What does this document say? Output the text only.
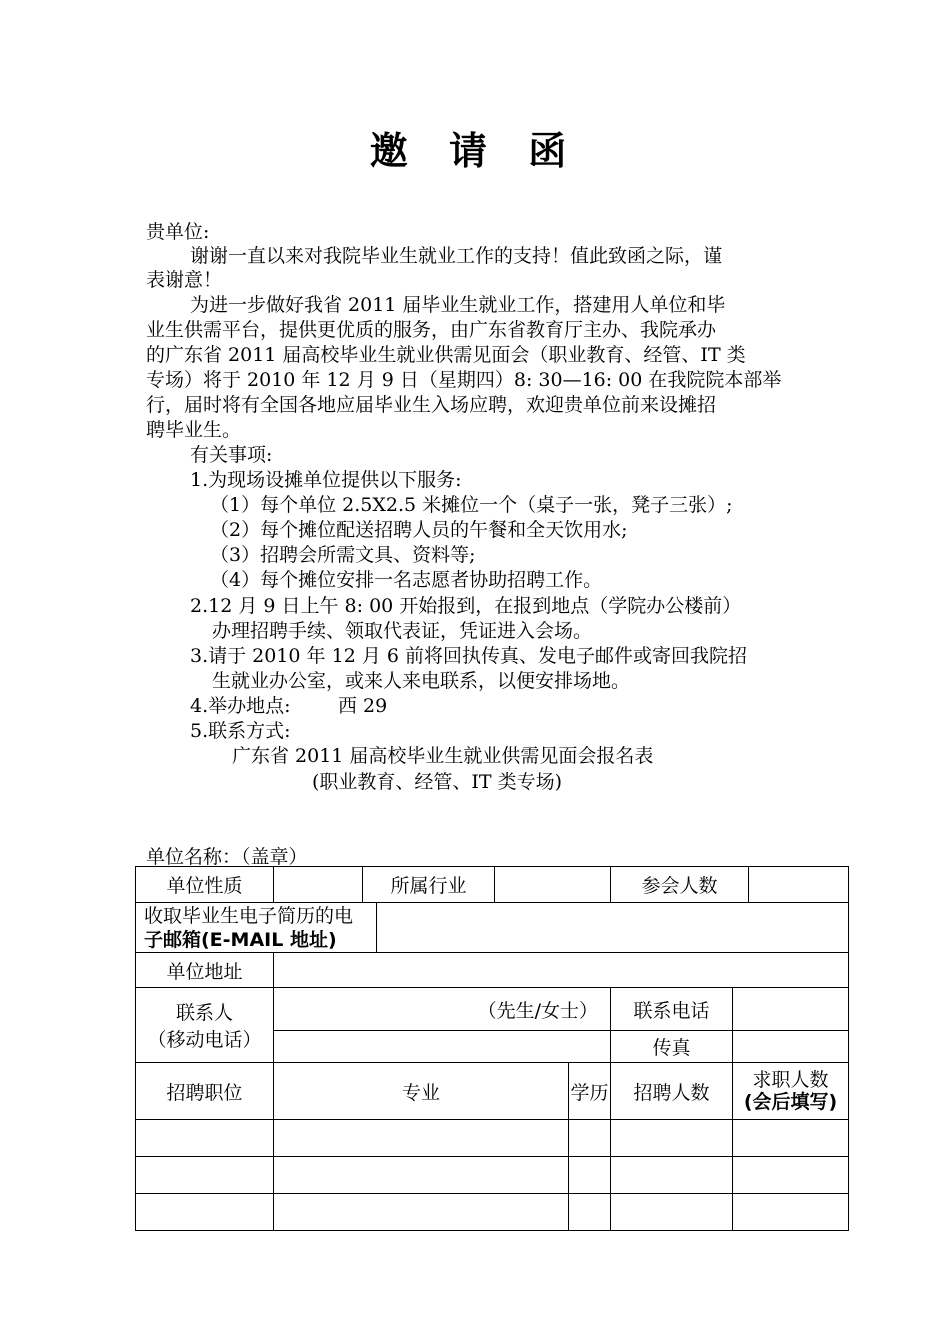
邀 请 函
贵单位:
谢谢一直以来对我院毕业生就业工作的支持！值此致函之际，谨
表谢意！
为进一步做好我省 2011 届毕业生就业工作，搭建用人单位和毕
业生供需平台，提供更优质的服务，由广东省教育厅主办、我院承办
的广东省 2011 届高校毕业生就业供需见面会（职业教育、经管、IT 类
专场）将于 2010 年 12 月 9 日（星期四）8: 30—16: 00 在我院院本部举
行，届时将有全国各地应届毕业生入场应聘，欢迎贵单位前来设摊招
聘毕业生。
有关事项:
1.为现场设摊单位提供以下服务:
（1）每个单位 2.5X2.5 米摊位一个（桌子一张，凳子三张）;
（2）每个摊位配送招聘人员的午餐和全天饮用水;
（3）招聘会所需文具、资料等;
（4）每个摊位安排一名志愿者协助招聘工作。
2.12 月 9 日上午 8: 00 开始报到，在报到地点（学院办公楼前）
办理招聘手续、领取代表证，凭证进入会场。
3.请于 2010 年 12 月 6 前将回执传真、发电子邮件或寄回我院招
生就业办公室，或来人来电联系，以便安排场地。
4.举办地点: 西 29
5.联系方式:
广东省 2011 届高校毕业生就业供需见面会报名表
(职业教育、经管、IT 类专场)
单位名称：（盖章）
单位性质		所属行业				参会人数		

收取毕业生电子简历的电
子邮箱(E-MAIL 地址)								

单位地址								

联系人
（移动电话）	（先生/女士）					联系电话		
						传真		
招聘职位	专业				学历	招聘人数	求职人数
(会后填写)	
